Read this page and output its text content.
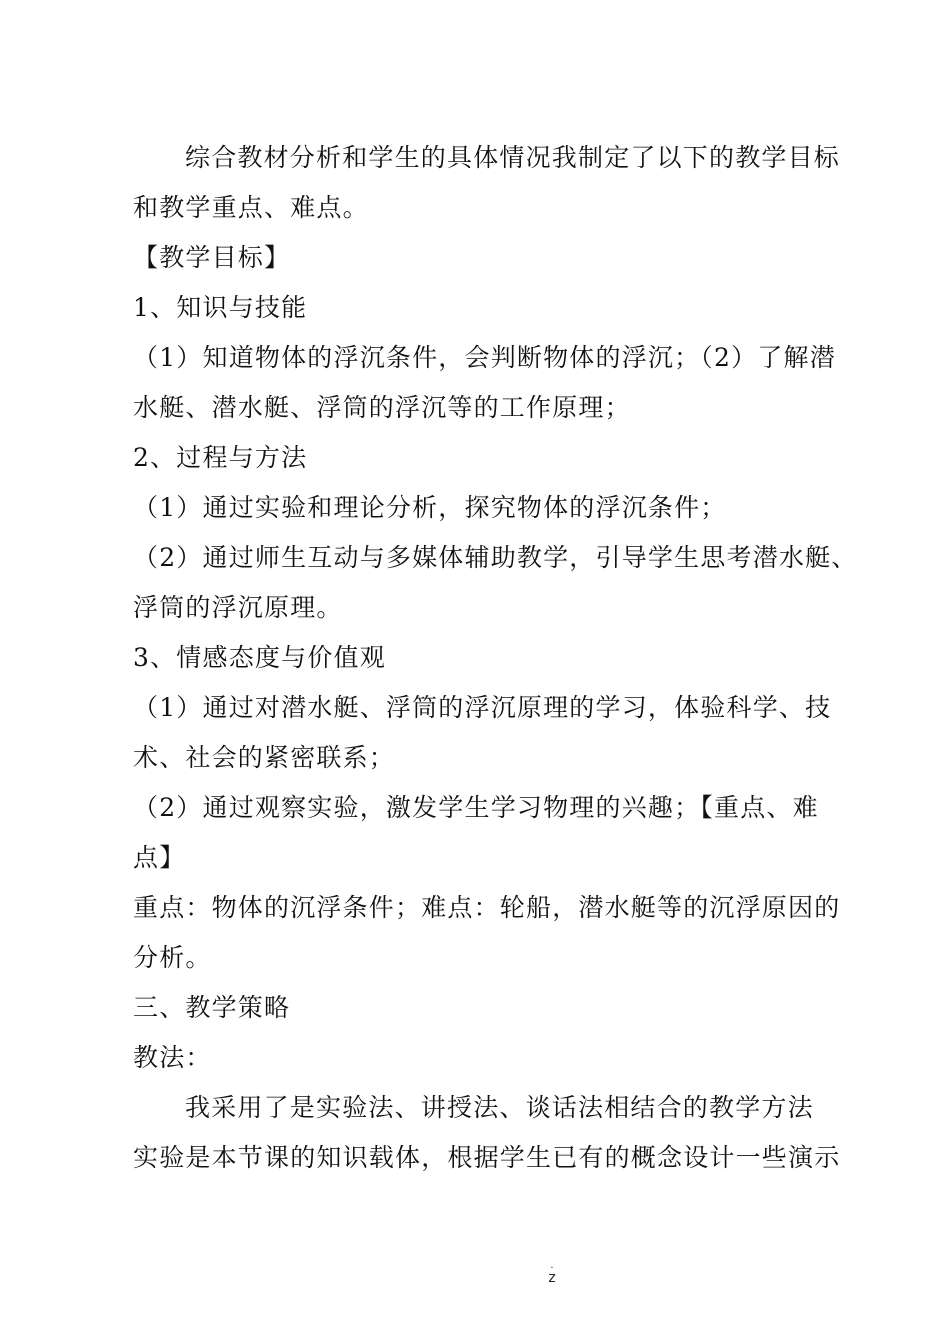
综合教材分析和学生的具体情况我制定了以下的教学目标
和教学重点、难点。
【教学目标】
1、知识与技能
（1）知道物体的浮沉条件，会判断物体的浮沉；（2）了解潜
水艇、潜水艇、浮筒的浮沉等的工作原理；
2、过程与方法
（1）通过实验和理论分析，探究物体的浮沉条件；
（2）通过师生互动与多媒体辅助教学，引导学生思考潜水艇、
浮筒的浮沉原理。
3、情感态度与价值观
（1）通过对潜水艇、浮筒的浮沉原理的学习，体验科学、技
术、社会的紧密联系；
（2）通过观察实验，激发学生学习物理的兴趣；【重点、难
点】
重点：物体的沉浮条件；难点：轮船，潜水艇等的沉浮原因的
分析。
三、教学策略
教法：
我采用了是实验法、讲授法、谈话法相结合的教学方法
实验是本节课的知识载体，根据学生已有的概念设计一些演示
.
z
